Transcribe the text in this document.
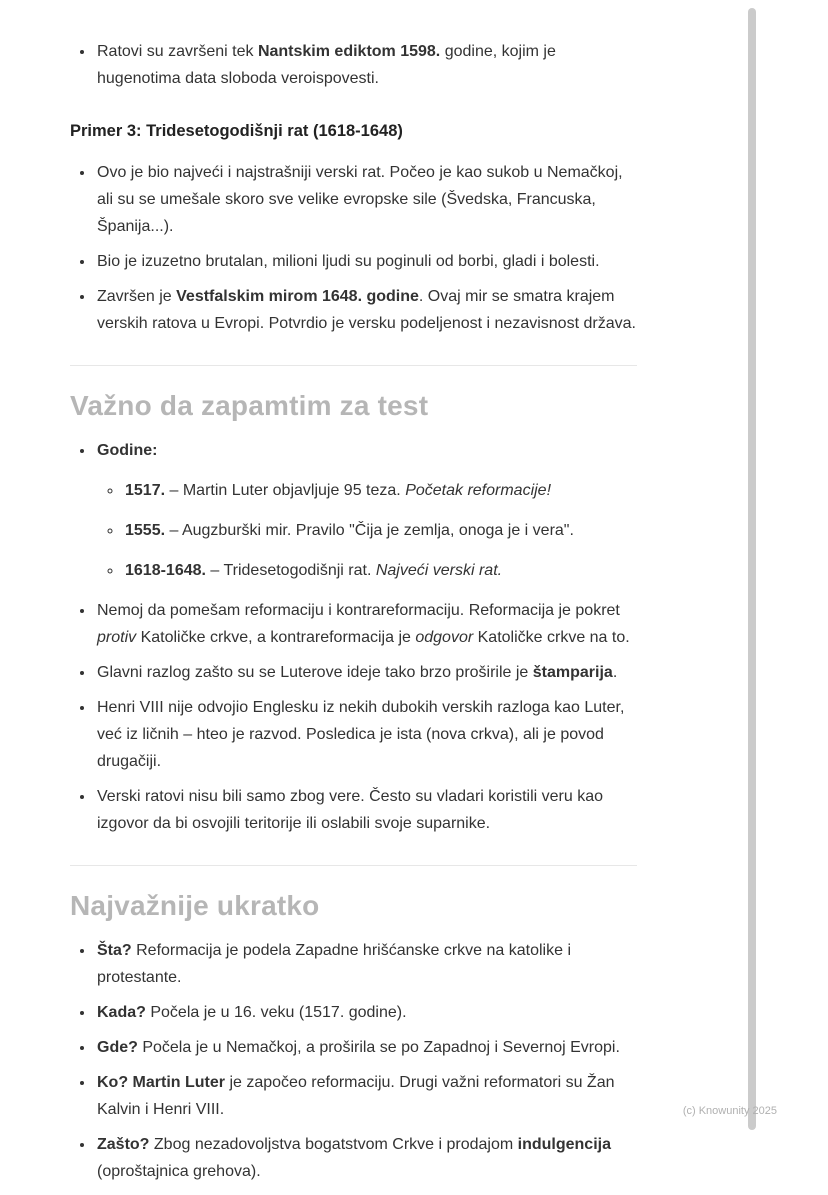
• Ratovi su završeni tek Nantskim ediktom 1598. godine, kojim je hugenotima data sloboda veroispovesti.
Primer 3: Tridesetogodišnji rat (1618-1648)
• Ovo je bio najveći i najstrašniji verski rat. Počeo je kao sukob u Nemačkoj, ali su se umešale skoro sve velike evropske sile (Švedska, Francuska, Španija...).
• Bio je izuzetno brutalan, milioni ljudi su poginuli od borbi, gladi i bolesti.
• Završen je Vestfalskim mirom 1648. godine. Ovaj mir se smatra krajem verskih ratova u Evropi. Potvrdio je versku podeljenost i nezavisnost država.
Važno da zapamtim za test
• Godine:
◦ 1517. – Martin Luter objavljuje 95 teza. Početak reformacije!
◦ 1555. – Augzburški mir. Pravilo "Čija je zemlja, onoga je i vera".
◦ 1618-1648. – Tridesetogodišnji rat. Najveći verski rat.
• Nemoj da pomešam reformaciju i kontrareformaciju. Reformacija je pokret protiv Katoličke crkve, a kontrareformacija je odgovor Katoličke crkve na to.
• Glavni razlog zašto su se Luterove ideje tako brzo proširile je štamparija.
• Henri VIII nije odvojio Englesku iz nekih dubokih verskih razloga kao Luter, već iz ličnih – hteo je razvod. Posledica je ista (nova crkva), ali je povod drugačiji.
• Verski ratovi nisu bili samo zbog vere. Često su vladari koristili veru kao izgovor da bi osvojili teritorije ili oslabili svoje suparnike.
Najvažnije ukratko
• Šta? Reformacija je podela Zapadne hrišćanske crkve na katolike i protestante.
• Kada? Počela je u 16. veku (1517. godine).
• Gde? Počela je u Nemačkoj, a proširila se po Zapadnoj i Severnoj Evropi.
• Ko? Martin Luter je započeo reformaciju. Drugi važni reformatori su Žan Kalvin i Henri VIII.
• Zašto? Zbog nezadovoljstva bogatstvom Crkve i prodajom indulgencija (oproštajnica grehova).
(c) Knowunity 2025
